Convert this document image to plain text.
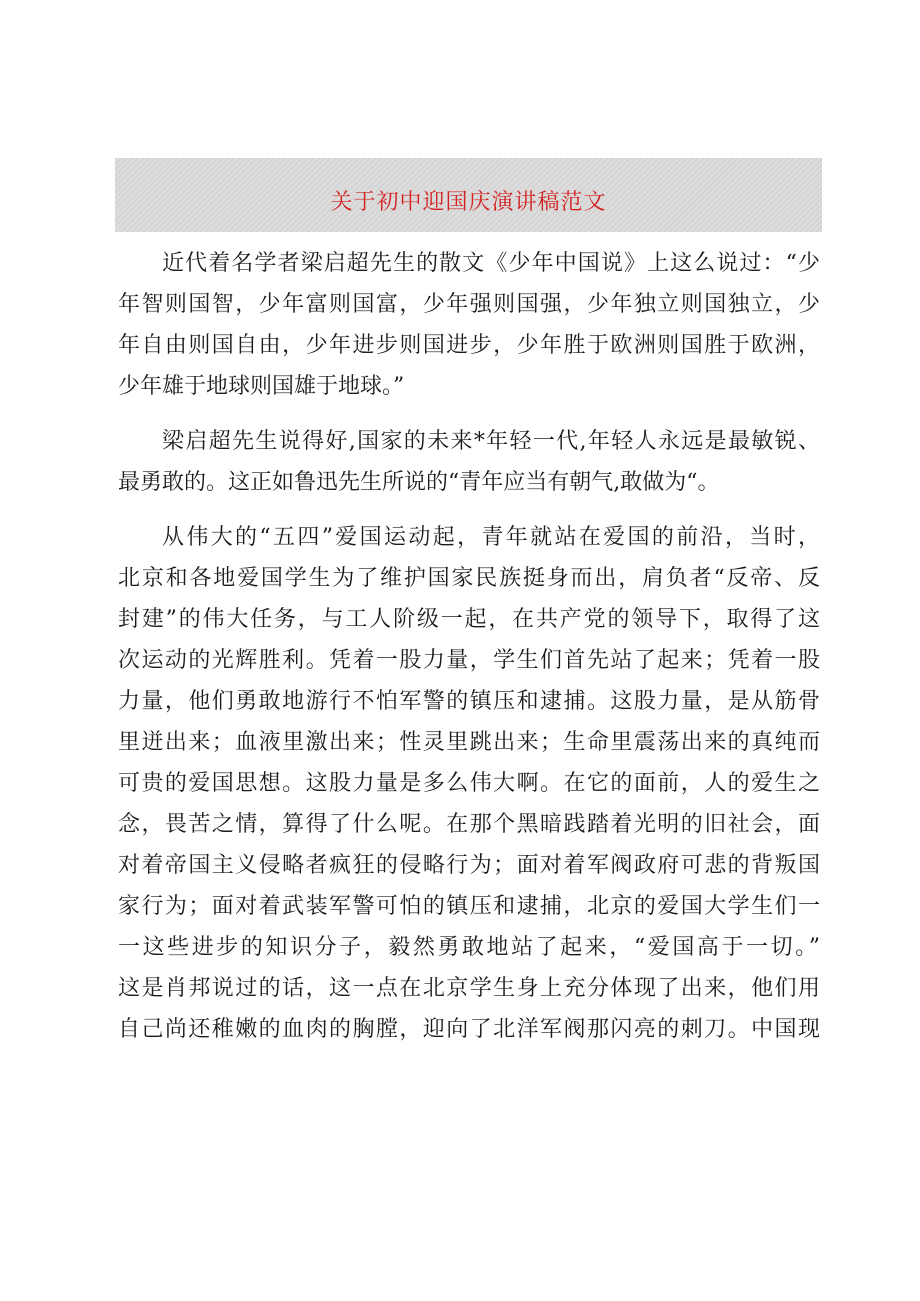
关于初中迎国庆演讲稿范文
近代着名学者梁启超先生的散文《少年中国说》上这么说过：“少
年智则国智，少年富则国富，少年强则国强，少年独立则国独立，少
年自由则国自由，少年进步则国进步，少年胜于欧洲则国胜于欧洲，
少年雄于地球则国雄于地球。”
梁启超先生说得好,国家的未来*年轻一代,年轻人永远是最敏锐、
最勇敢的。这正如鲁迅先生所说的“青年应当有朝气,敢做为“。
从伟大的“五四”爱国运动起，青年就站在爱国的前沿，当时，
北京和各地爱国学生为了维护国家民族挺身而出，肩负者“反帝、反
封建”的伟大任务，与工人阶级一起，在共产党的领导下，取得了这
次运动的光辉胜利。凭着一股力量，学生们首先站了起来；凭着一股
力量，他们勇敢地游行不怕军警的镇压和逮捕。这股力量，是从筋骨
里迸出来；血液里激出来；性灵里跳出来；生命里震荡出来的真纯而
可贵的爱国思想。这股力量是多么伟大啊。在它的面前，人的爱生之
念，畏苦之情，算得了什么呢。在那个黑暗践踏着光明的旧社会，面
对着帝国主义侵略者疯狂的侵略行为；面对着军阀政府可悲的背叛国
家行为；面对着武装军警可怕的镇压和逮捕，北京的爱国大学生们一
一这些进步的知识分子，毅然勇敢地站了起来，“爱国高于一切。”
这是肖邦说过的话，这一点在北京学生身上充分体现了出来，他们用
自己尚还稚嫩的血肉的胸膛，迎向了北洋军阀那闪亮的刺刀。中国现
